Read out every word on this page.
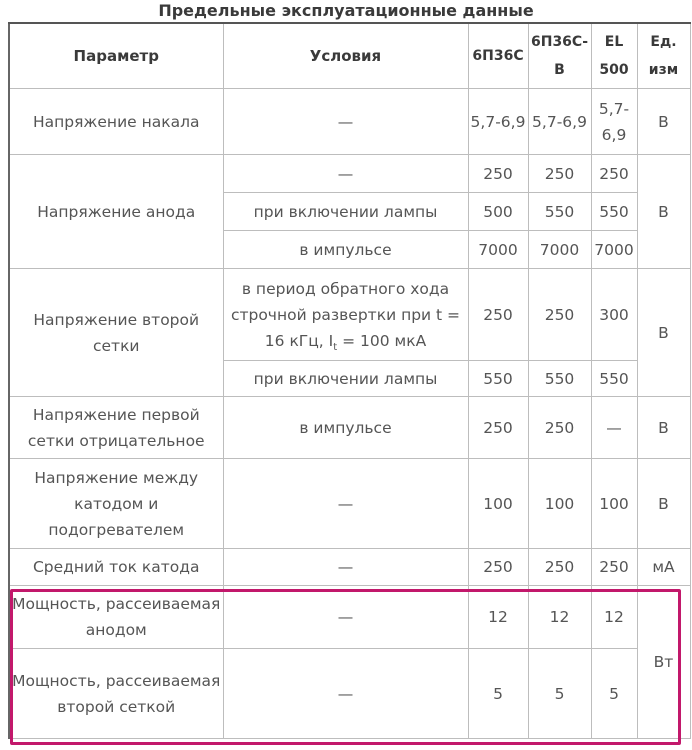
Предельные эксплуатационные данные
Параметр	Условия	6П36С	6П36С-В	EL 500	Ед. изм
Напряжение накала	—	5,7-6,9	5,7-6,9	5,7-6,9	В
Напряжение анода	—	250	250	250	В
	при включении лампы	500	550	550	
	в импульсе	7000	7000	7000	
Напряжение второй сетки	в период обратного хода строчной развертки при t = 16 кГц, $I_t = 100$ мкА	250	250	300	В
	при включении лампы	550	550	550	
Напряжение первой сетки отрицательное	в импульсе	250	250	—	В
Напряжение между катодом и подогревателем	—	100	100	100	В
Средний ток катода	—	250	250	250	мА
Мощность, рассеиваемая анодом	—	12	12	12	Вт
Мощность, рассеиваемая второй сеткой	—	5	5	5	
